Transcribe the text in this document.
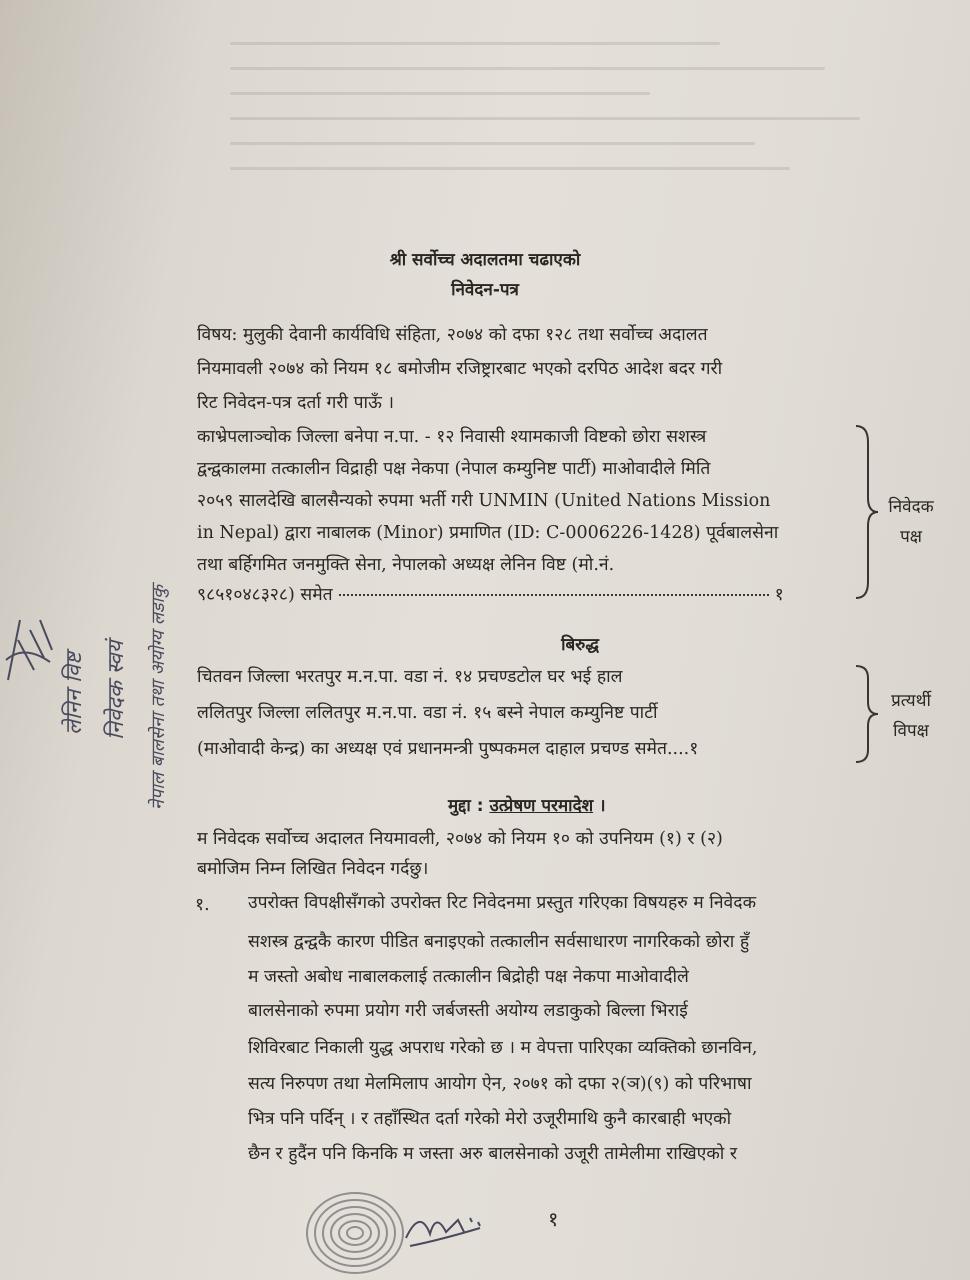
श्री सर्वोच्च अदालतमा चढाएको
निवेदन-पत्र
विषय: मुलुकी देवानी कार्यविधि संहिता, २०७४ को दफा १२८ तथा सर्वोच्च अदालत
नियमावली २०७४ को नियम १८ बमोजीम रजिष्ट्रारबाट भएको दरपिठ आदेश बदर गरी
रिट निवेदन-पत्र दर्ता गरी पाऊँ ।
काभ्रेपलाञ्चोक जिल्ला बनेपा न.पा. - १२ निवासी श्यामकाजी विष्टको छोरा सशस्त्र
द्वन्द्वकालमा तत्कालीन विद्राही पक्ष नेकपा (नेपाल कम्युनिष्ट पार्टी) माओवादीले मिति
२०५९ सालदेखि बालसैन्यको रुपमा भर्ती गरी UNMIN (United Nations Mission
in Nepal) द्वारा नाबालक (Minor) प्रमाणित (ID: C-0006226-1428) पूर्वबालसेना
तथा बर्हिगमित जनमुक्ति सेना, नेपालको अध्यक्ष लेनिन विष्ट (मो.नं.
९८५१०४८३२८) समेत	१
निवेदक
पक्ष
बिरुद्ध
चितवन जिल्ला भरतपुर म.न.पा. वडा नं. १४ प्रचण्डटोल घर भई हाल
ललितपुर जिल्ला ललितपुर म.न.पा. वडा नं. १५ बस्ने नेपाल कम्युनिष्ट पार्टी
(माओवादी केन्द्र) का अध्यक्ष एवं प्रधानमन्त्री पुष्पकमल दाहाल प्रचण्ड समेत....१
प्रत्यर्थी
विपक्ष
मुद्दा : उत्प्रेषण परमादेश ।
म निवेदक सर्वोच्च अदालत नियमावली, २०७४ को नियम १० को उपनियम (१) र (२)
बमोजिम निम्न लिखित निवेदन गर्दछु।
१. उपरोक्त विपक्षीसँगको उपरोक्त रिट निवेदनमा प्रस्तुत गरिएका विषयहरु म निवेदक
सशस्त्र द्वन्द्वकै कारण पीडित बनाइएको तत्कालीन सर्वसाधारण नागरिकको छोरा हुँ
म जस्तो अबोध नाबालकलाई तत्कालीन बिद्रोही पक्ष नेकपा माओवादीले
बालसेनाको रुपमा प्रयोग गरी जर्बजस्ती अयोग्य लडाकुको बिल्ला भिराई
शिविरबाट निकाली युद्ध अपराध गरेको छ । म वेपत्ता पारिएका व्यक्तिको छानविन,
सत्य निरुपण तथा मेलमिलाप आयोग ऐन, २०७१ को दफा २(ञ)(९) को परिभाषा
भित्र पनि पर्दिन् । र तहाँस्थित दर्ता गरेको मेरो उजूरीमाथि कुनै कारबाही भएको
छैन र हुदैंन पनि किनकि म जस्ता अरु बालसेनाको उजूरी तामेलीमा राखिएको र
लेनिन विष्ट निवेदक स्वयं नेपाल बालसेना तथा अयोग्य लडाकु
१
